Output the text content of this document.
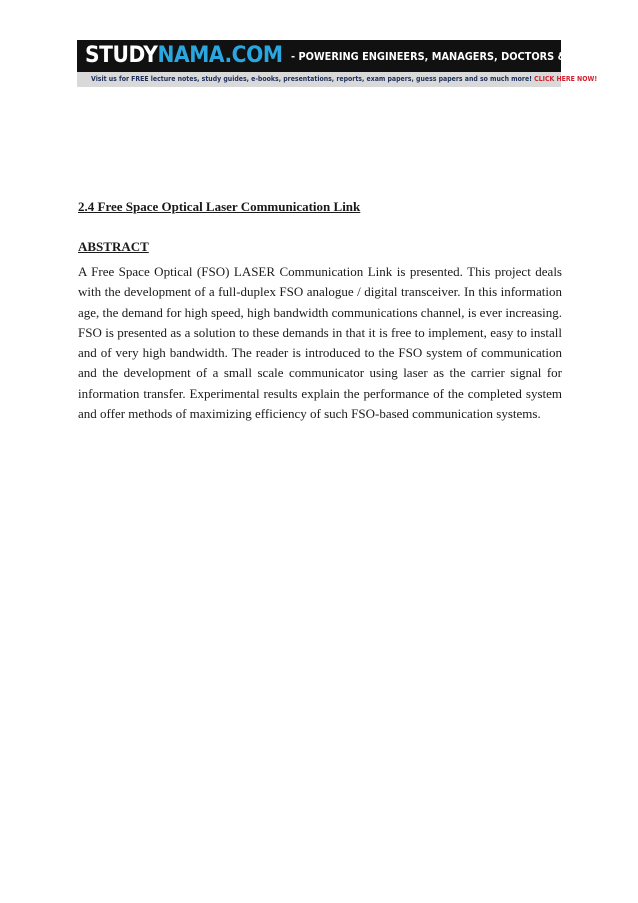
STUDYNAMA.COM - POWERING ENGINEERS, MANAGERS, DOCTORS & LAWYERS.
Visit us for FREE lecture notes, study guides, e-books, presentations, reports, exam papers, guess papers and so much more! CLICK HERE NOW!
2.4 Free Space Optical Laser Communication Link
ABSTRACT
A Free Space Optical (FSO) LASER Communication Link is presented. This project deals
with the development of a full-duplex FSO analogue / digital transceiver. In this information
age, the demand for high speed, high bandwidth communications channel, is ever increasing.
FSO is presented as a solution to these demands in that it is free to implement, easy to install
and of very high bandwidth. The reader is introduced to the FSO system of communication
and the development of a small scale communicator using laser as the carrier signal for
information transfer. Experimental results explain the performance of the completed system
and offer methods of maximizing efficiency of such FSO-based communication systems.
